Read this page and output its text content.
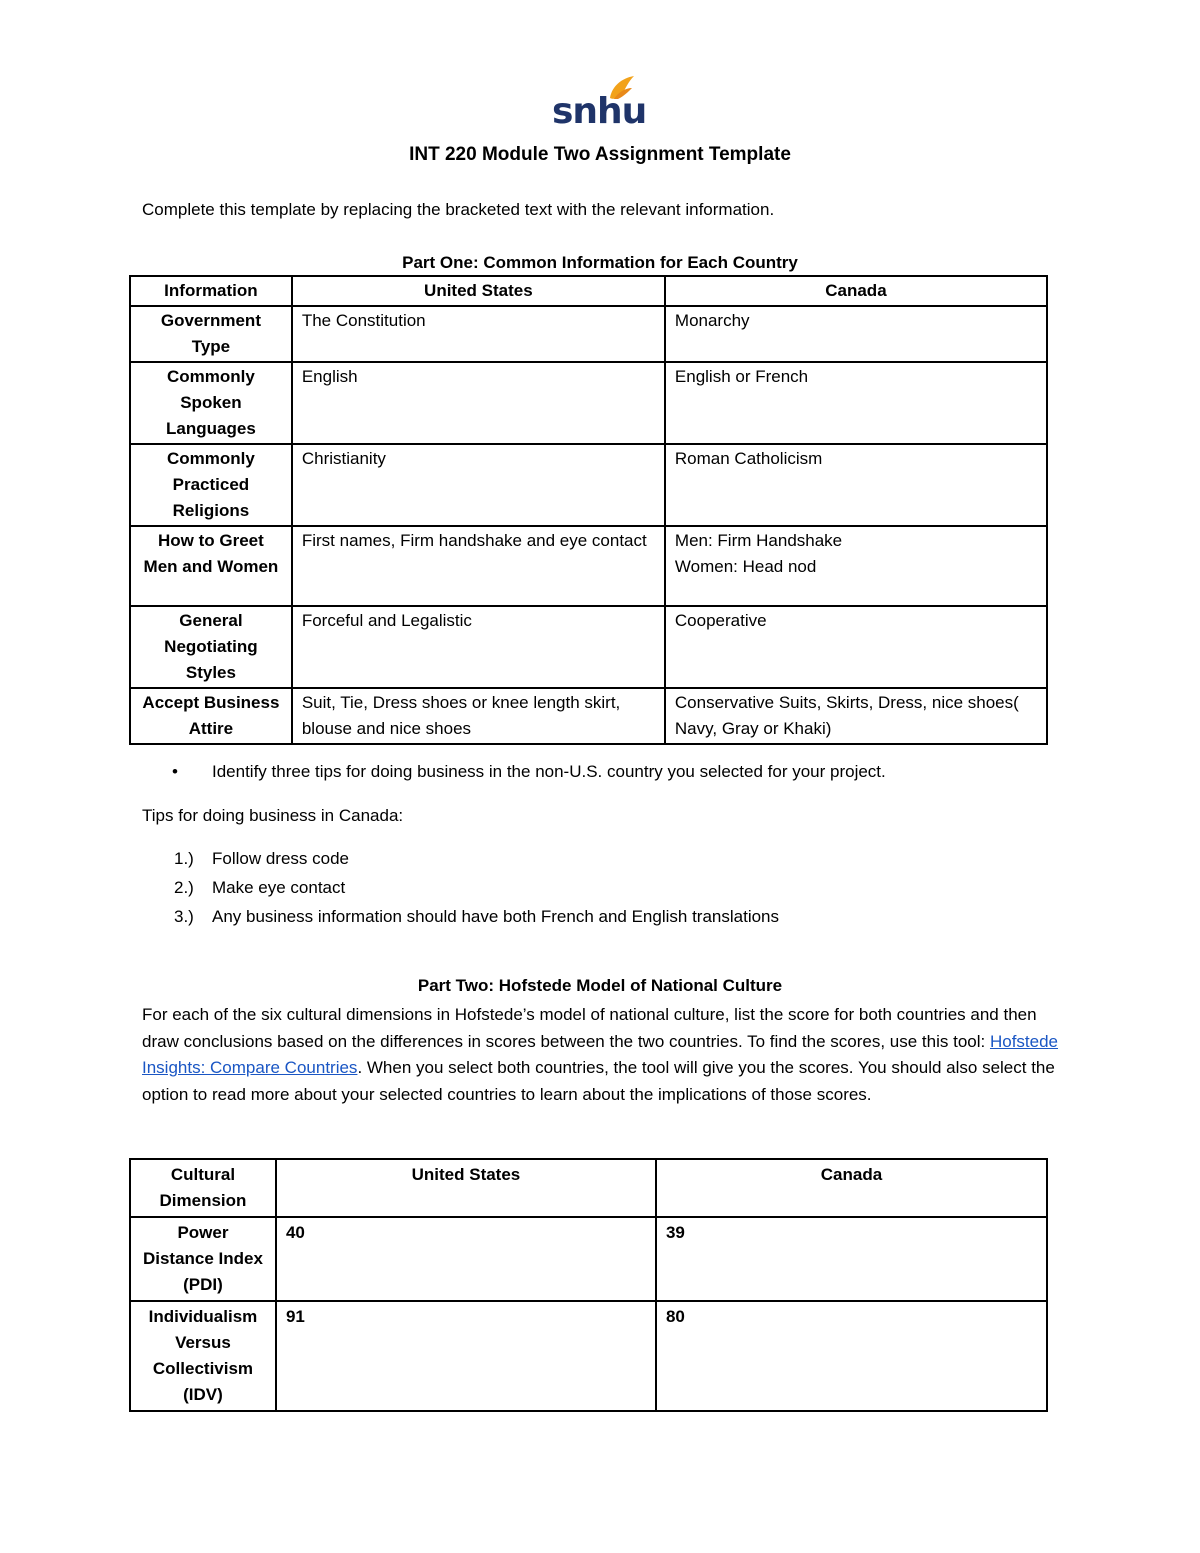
snhu
INT 220 Module Two Assignment Template
Complete this template by replacing the bracketed text with the relevant information.
Part One: Common Information for Each Country
Information	United States	Canada
Government Type	The Constitution	Monarchy
Commonly Spoken Languages	English	English or French
Commonly Practiced Religions	Christianity	Roman Catholicism
How to Greet Men and Women	First names, Firm handshake and eye contact	Men: Firm Handshake
Women: Head nod

General Negotiating Styles	Forceful and Legalistic	Cooperative
Accept Business Attire	Suit, Tie, Dress shoes or knee length skirt, blouse and nice shoes	Conservative Suits, Skirts, Dress, nice shoes( Navy, Gray or Khaki)
• Identify three tips for doing business in the non-U.S. country you selected for your project.
Tips for doing business in Canada:
1.) Follow dress code
2.) Make eye contact
3.) Any business information should have both French and English translations
Part Two: Hofstede Model of National Culture
For each of the six cultural dimensions in Hofstede’s model of national culture, list the score for both countries and then draw conclusions based on the differences in scores between the two countries. To find the scores, use this tool: Hofstede Insights: Compare Countries. When you select both countries, the tool will give you the scores. You should also select the option to read more about your selected countries to learn about the implications of those scores.
Cultural Dimension	United States	Canada
Power Distance Index (PDI)	40	39
Individualism Versus Collectivism (IDV)	91	80
